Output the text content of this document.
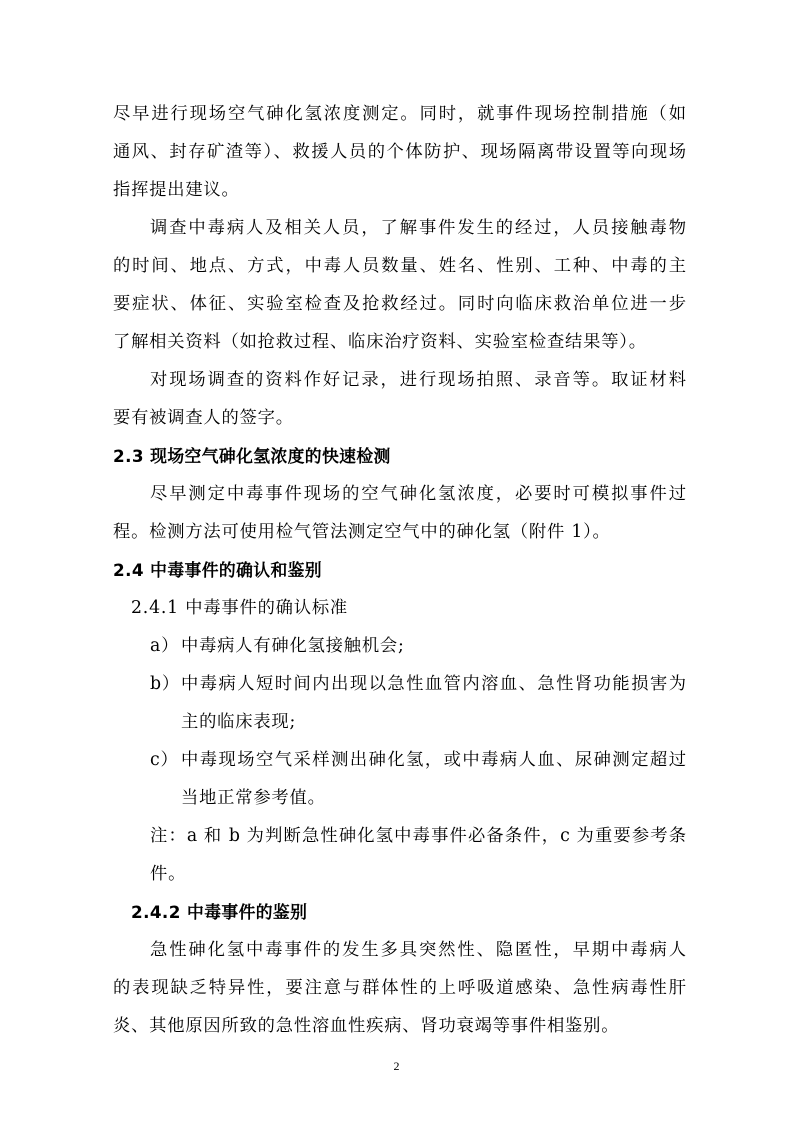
尽早进行现场空气砷化氢浓度测定。同时，就事件现场控制措施（如
通风、封存矿渣等）、救援人员的个体防护、现场隔离带设置等向现场
指挥提出建议。
调查中毒病人及相关人员，了解事件发生的经过，人员接触毒物
的时间、地点、方式，中毒人员数量、姓名、性别、工种、中毒的主
要症状、体征、实验室检查及抢救经过。同时向临床救治单位进一步
了解相关资料（如抢救过程、临床治疗资料、实验室检查结果等）。
对现场调查的资料作好记录，进行现场拍照、录音等。取证材料
要有被调查人的签字。
2.3 现场空气砷化氢浓度的快速检测
尽早测定中毒事件现场的空气砷化氢浓度，必要时可模拟事件过
程。检测方法可使用检气管法测定空气中的砷化氢（附件 1）。
2.4 中毒事件的确认和鉴别
2.4.1 中毒事件的确认标准
a） 中毒病人有砷化氢接触机会;
b） 中毒病人短时间内出现以急性血管内溶血、急性肾功能损害为
主的临床表现;
c） 中毒现场空气采样测出砷化氢，或中毒病人血、尿砷测定超过
当地正常参考值。
注：a 和 b 为判断急性砷化氢中毒事件必备条件，c 为重要参考条
件。
2.4.2 中毒事件的鉴别
急性砷化氢中毒事件的发生多具突然性、隐匿性，早期中毒病人
的表现缺乏特异性，要注意与群体性的上呼吸道感染、急性病毒性肝
炎、其他原因所致的急性溶血性疾病、肾功衰竭等事件相鉴别。
2
